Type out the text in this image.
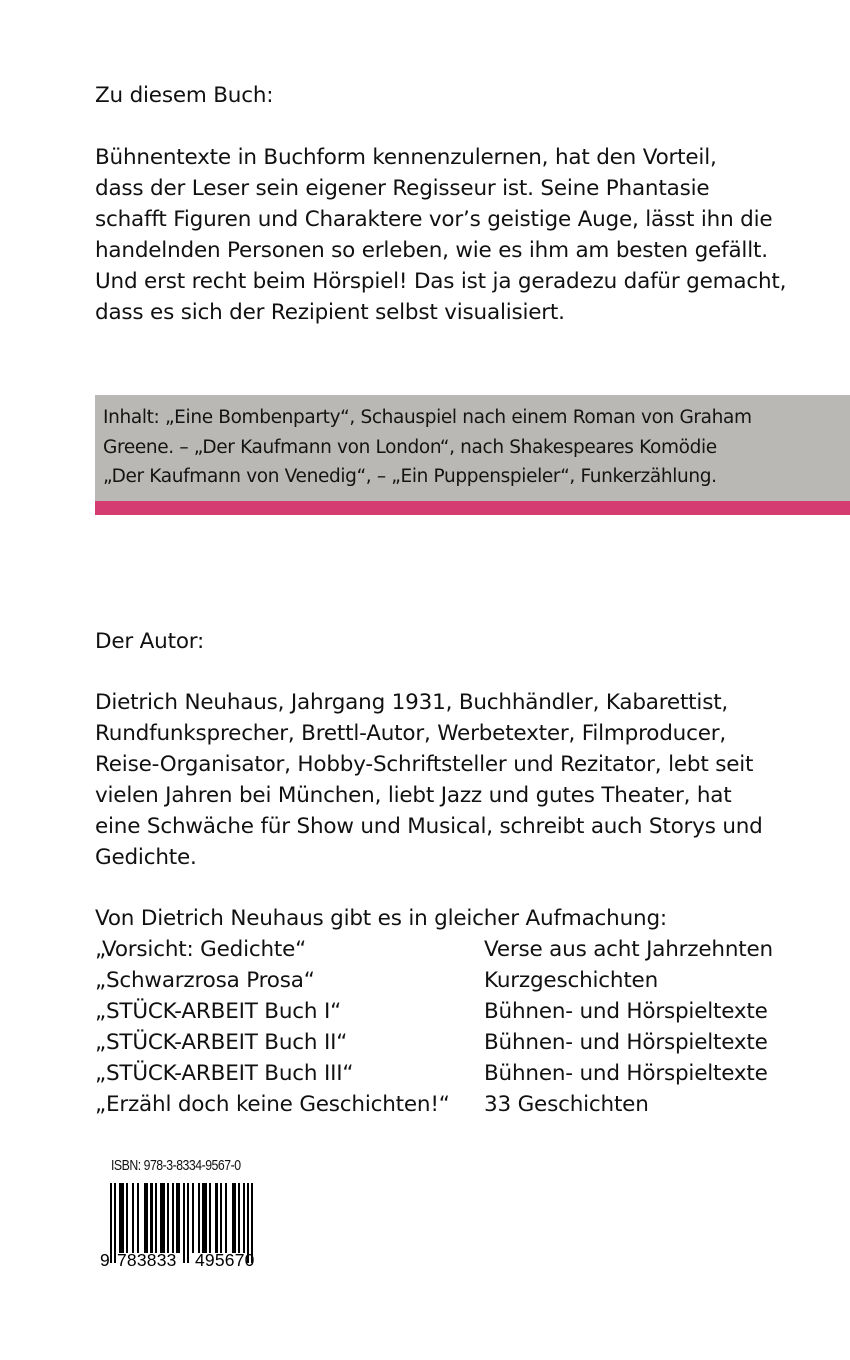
Zu diesem Buch:
Bühnentexte in Buchform kennenzulernen, hat den Vorteil,
dass der Leser sein eigener Regisseur ist. Seine Phantasie
schafft Figuren und Charaktere vor’s geistige Auge, lässt ihn die
handelnden Personen so erleben, wie es ihm am besten gefällt.
Und erst recht beim Hörspiel! Das ist ja geradezu dafür gemacht,
dass es sich der Rezipient selbst visualisiert.
Inhalt: „Eine Bombenparty“, Schauspiel nach einem Roman von Graham
Greene. – „Der Kaufmann von London“, nach Shakespeares Komödie
„Der Kaufmann von Venedig“, – „Ein Puppenspieler“, Funkerzählung.
Der Autor:
Dietrich Neuhaus, Jahrgang 1931, Buchhändler, Kabarettist,
Rundfunksprecher, Brettl-Autor, Werbetexter, Filmproducer,
Reise-Organisator, Hobby-Schriftsteller und Rezitator, lebt seit
vielen Jahren bei München, liebt Jazz und gutes Theater, hat
eine Schwäche für Show und Musical, schreibt auch Storys und
Gedichte.
Von Dietrich Neuhaus gibt es in gleicher Aufmachung:
„Vorsicht: Gedichte“	Verse aus acht Jahrzehnten
„Schwarzrosa Prosa“	Kurzgeschichten
„STÜCK-ARBEIT Buch I“	Bühnen- und Hörspieltexte
„STÜCK-ARBEIT Buch II“	Bühnen- und Hörspieltexte
„STÜCK-ARBEIT Buch III“	Bühnen- und Hörspieltexte
„Erzähl doch keine Geschichten!“	33 Geschichten
ISBN: 978-3-8334-9567-0
9 783833 495670
